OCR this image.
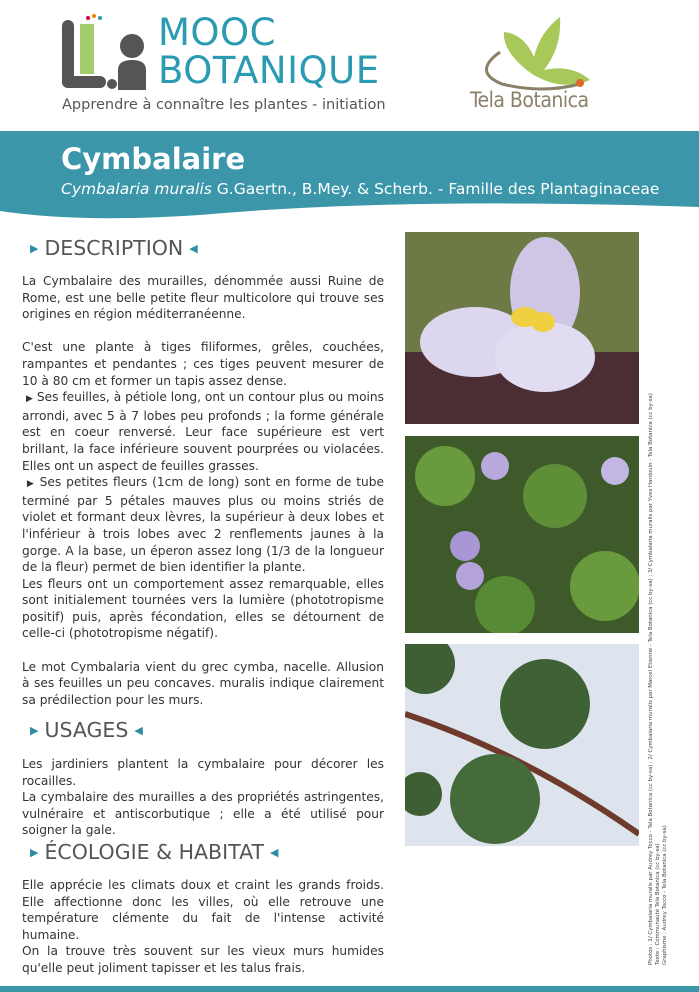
MOOC
BOTANIQUE
Apprendre à connaître les plantes - initiation	Tela Botanica
Cymbalaire
Cymbalaria muralis G.Gaertn., B.Mey. & Scherb. - Famille des Plantaginaceae
▶ DESCRIPTION ◀

La Cymbalaire des murailles, dénommée aussi Ruine de Rome, est une belle petite fleur multicolore qui trouve ses origines en région méditerranéenne.

C'est une plante à tiges filiformes, grêles, couchées, rampantes et pendantes ; ces tiges peuvent mesurer de 10 à 80 cm et former un tapis assez dense.

▶ Ses feuilles, à pétiole long, ont un contour plus ou moins arrondi, avec 5 à 7 lobes peu profonds ; la forme générale est en coeur renversé. Leur face supérieure est vert brillant, la face inférieure souvent pourprées ou violacées. Elles ont un aspect de feuilles grasses.

▶ Ses petites fleurs (1cm de long) sont en forme de tube terminé par 5 pétales mauves plus ou moins striés de violet et formant deux lèvres, la supérieur à deux lobes et l'inférieur à trois lobes avec 2 renflements jaunes à la gorge. A la base, un éperon assez long (1/3 de la longueur de la fleur) permet de bien identifier la plante.

Les fleurs ont un comportement assez remarquable, elles sont initialement tournées vers la lumière (phototropisme positif) puis, après fécondation, elles se détournent de celle-ci (phototropisme négatif).

Le mot Cymbalaria vient du grec cymba, nacelle. Allusion à ses feuilles un peu concaves. muralis indique clairement sa prédilection pour les murs.

▶ USAGES ◀

Les jardiniers plantent la cymbalaire pour décorer les rocailles.

La cymbalaire des murailles a des propriétés astringentes, vulnéraire et antiscorbutique ; elle a été utilisé pour soigner la gale.

▶ ÉCOLOGIE & HABITAT ◀

Elle apprécie les climats doux et craint les grands froids. Elle affectionne donc les villes, où elle retrouve une température clémente du fait de l'intense activité humaine.

On la trouve très souvent sur les vieux murs humides qu'elle peut joliment tapisser et les talus frais.

Photos : 1/ Cymbalaria muralis par Audrey Tocco - Tela Botanica (cc by-sa) ; 2/ Cymbalaria muralis par Marcel Etienne - Tela Botanica (cc by-sa) ; 3/ Cymbalaria muralis par Yves Hardouin - Tela Botanica (cc by-sa) Texte : Communauté Tela Botanica (cc by-sa) Graphisme : Audrey Tocco - Tela Botanica (cc by-sa)
